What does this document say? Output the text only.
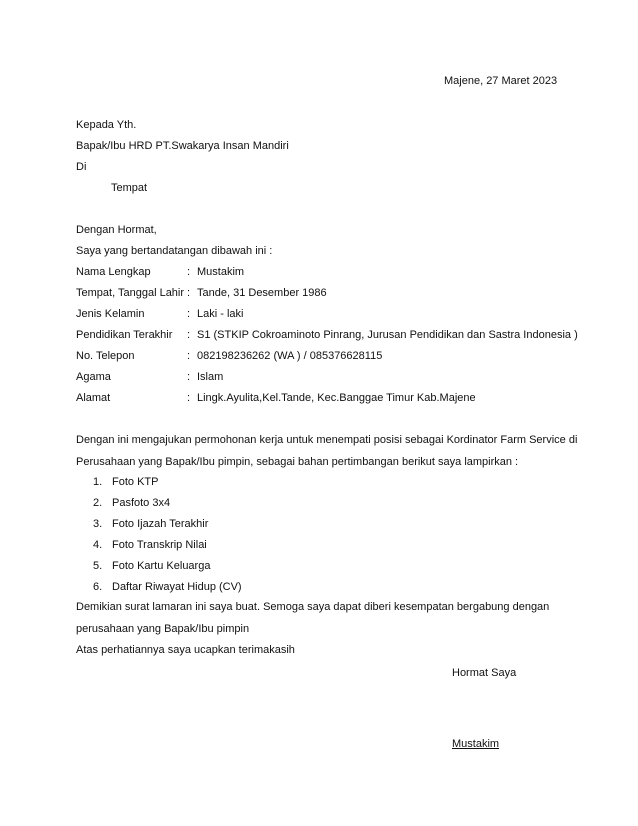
Majene, 27 Maret 2023
Kepada Yth.
Bapak/Ibu HRD PT.Swakarya Insan Mandiri
Di
Tempat
Dengan Hormat,
Saya yang bertandatangan dibawah ini :
Nama Lengkap	: Mustakim
Tempat, Tanggal Lahir : Tande, 31 Desember 1986
Jenis Kelamin	: Laki - laki
Pendidikan Terakhir : S1 (STKIP Cokroaminoto Pinrang, Jurusan Pendidikan dan Sastra Indonesia )
No. Telepon	: 082198236262 (WA ) / 085376628115
Agama	: Islam
Alamat	: Lingk.Ayulita,Kel.Tande, Kec.Banggae Timur Kab.Majene
Dengan ini mengajukan permohonan kerja untuk menempati posisi sebagai Kordinator Farm Service di
Perusahaan yang Bapak/Ibu pimpin, sebagai bahan pertimbangan berikut saya lampirkan :
1. Foto KTP
2. Pasfoto 3x4
3. Foto Ijazah Terakhir
4. Foto Transkrip Nilai
5. Foto Kartu Keluarga
6. Daftar Riwayat Hidup (CV)
Demikian surat lamaran ini saya buat. Semoga saya dapat diberi kesempatan bergabung dengan
perusahaan yang Bapak/Ibu pimpin
Atas perhatiannya saya ucapkan terimakasih
Hormat Saya
Mustakim
